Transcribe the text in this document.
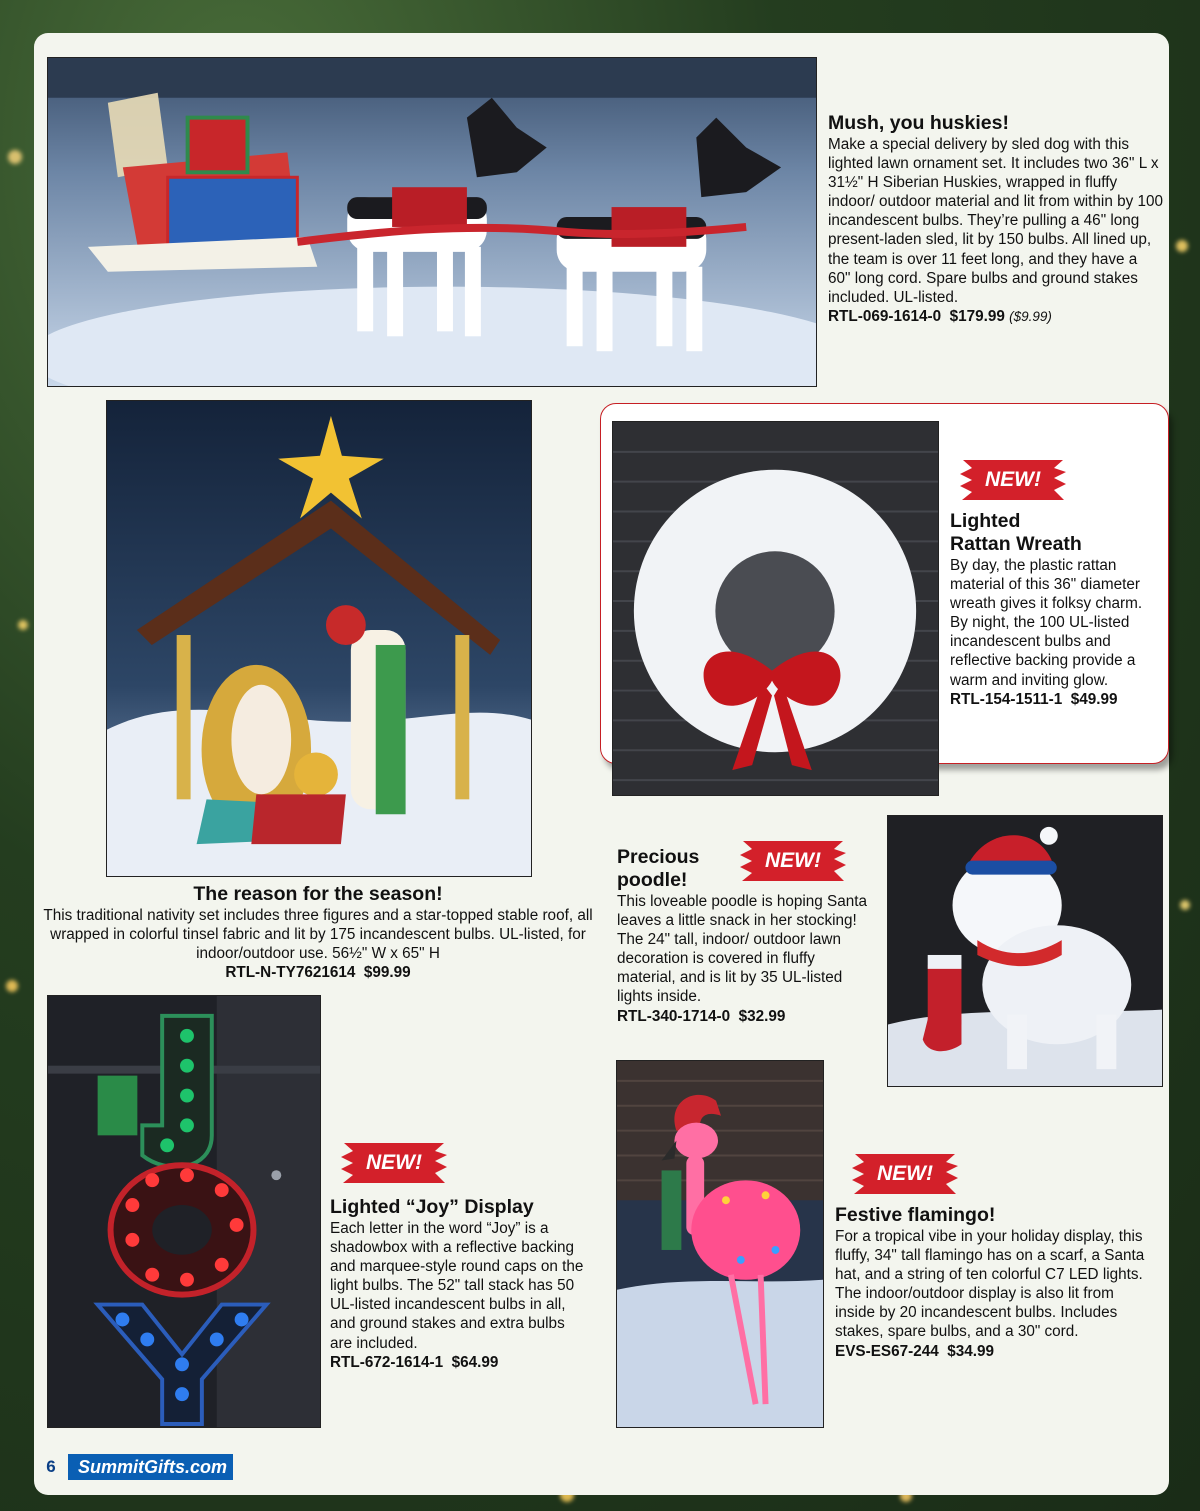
Mush, you huskies!

Make a special delivery by sled dog with this lighted lawn ornament set. It includes two 36" L x 31½" H Siberian Huskies, wrapped in fluffy indoor/ outdoor material and lit from within by 100 incandescent bulbs. They’re pulling a 46" long present-laden sled, lit by 150 bulbs. All lined up, the team is over 11 feet long, and they have a 60" long cord. Spare bulbs and ground stakes included. UL-listed.

RTL-069-1614-0 $179.99 ($9.99)

The reason for the season!

This traditional nativity set includes three figures and a star-topped stable roof, all wrapped in colorful tinsel fabric and lit by 175 incandescent bulbs. UL-listed, for indoor/outdoor use. 56½" W x 65" H

RTL-N-TY7621614 $99.99

NEW!
Lighted
Rattan Wreath

By day, the plastic rattan material of this 36" diameter wreath gives it folksy charm. By night, the 100 UL-listed incandescent bulbs and reflective backing provide a warm and inviting glow.

RTL-154-1511-1 $49.99

NEW!
Precious
poodle!

This loveable poodle is hoping Santa leaves a little snack in her stocking! The 24" tall, indoor/ outdoor lawn decoration is covered in fluffy material, and is lit by 35 UL-listed lights inside.

RTL-340-1714-0 $32.99

NEW!
Lighted “Joy” Display

Each letter in the word “Joy” is a shadowbox with a reflective backing and marquee-style round caps on the light bulbs. The 52" tall stack has 50 UL-listed incandescent bulbs in all, and ground stakes and extra bulbs are included.

RTL-672-1614-1 $64.99

NEW!
Festive flamingo!

For a tropical vibe in your holiday display, this fluffy, 34" tall flamingo has on a scarf, a Santa hat, and a string of ten colorful C7 LED lights. The indoor/outdoor display is also lit from inside by 20 incandescent bulbs. Includes stakes, spare bulbs, and a 30" cord.

EVS-ES67-244 $34.99

6	SummitGifts.com
